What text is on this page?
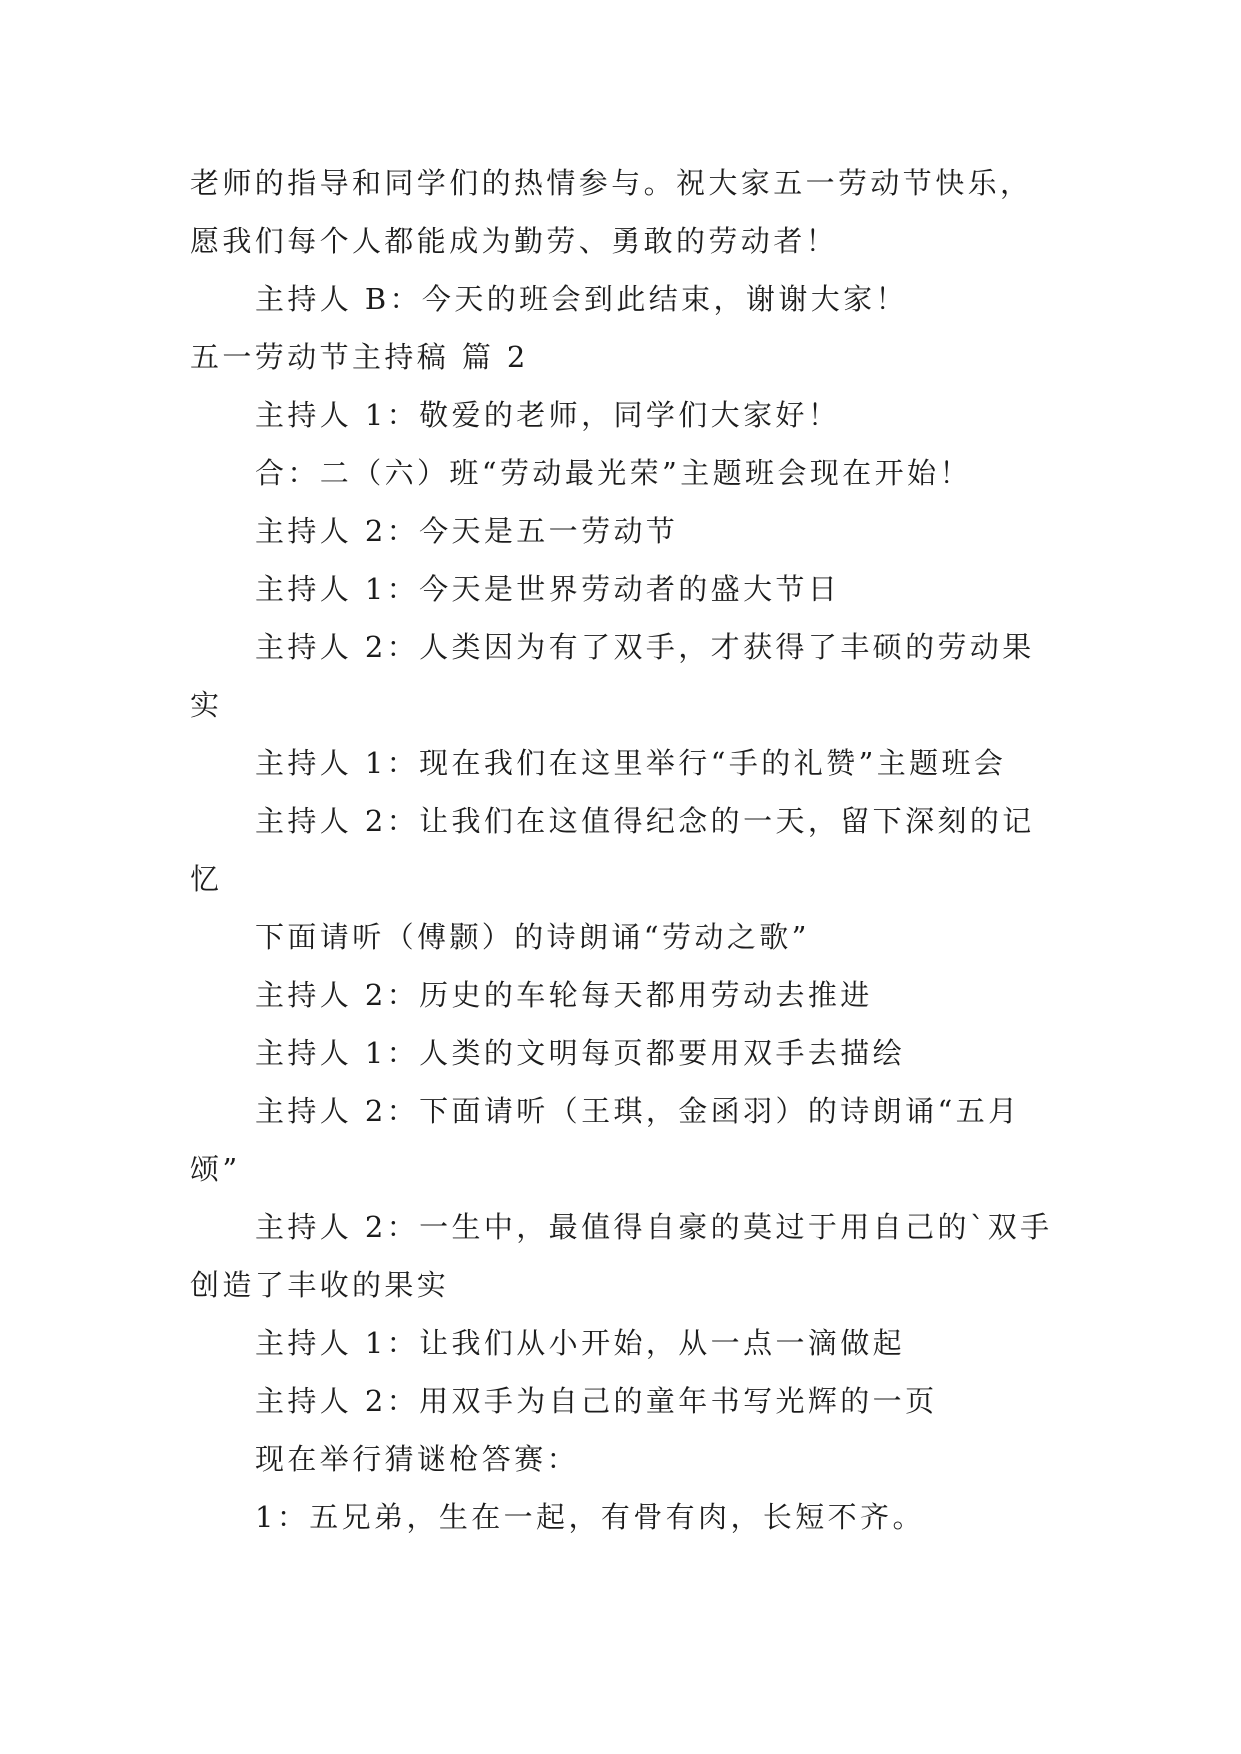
老师的指导和同学们的热情参与。祝大家五一劳动节快乐，
愿我们每个人都能成为勤劳、勇敢的劳动者！
主持人 B：今天的班会到此结束，谢谢大家！
五一劳动节主持稿 篇 2
主持人 1：敬爱的老师，同学们大家好！
合：二（六）班“劳动最光荣”主题班会现在开始！
主持人 2：今天是五一劳动节
主持人 1：今天是世界劳动者的盛大节日
主持人 2：人类因为有了双手，才获得了丰硕的劳动果
实
主持人 1：现在我们在这里举行“手的礼赞”主题班会
主持人 2：让我们在这值得纪念的一天，留下深刻的记
忆
下面请听（傅颢）的诗朗诵“劳动之歌”
主持人 2：历史的车轮每天都用劳动去推进
主持人 1：人类的文明每页都要用双手去描绘
主持人 2：下面请听（王琪，金函羽）的诗朗诵“五月
颂”
主持人 2：一生中，最值得自豪的莫过于用自己的`双手
创造了丰收的果实
主持人 1：让我们从小开始，从一点一滴做起
主持人 2：用双手为自己的童年书写光辉的一页
现在举行猜谜枪答赛：
1：五兄弟，生在一起，有骨有肉，长短不齐。
